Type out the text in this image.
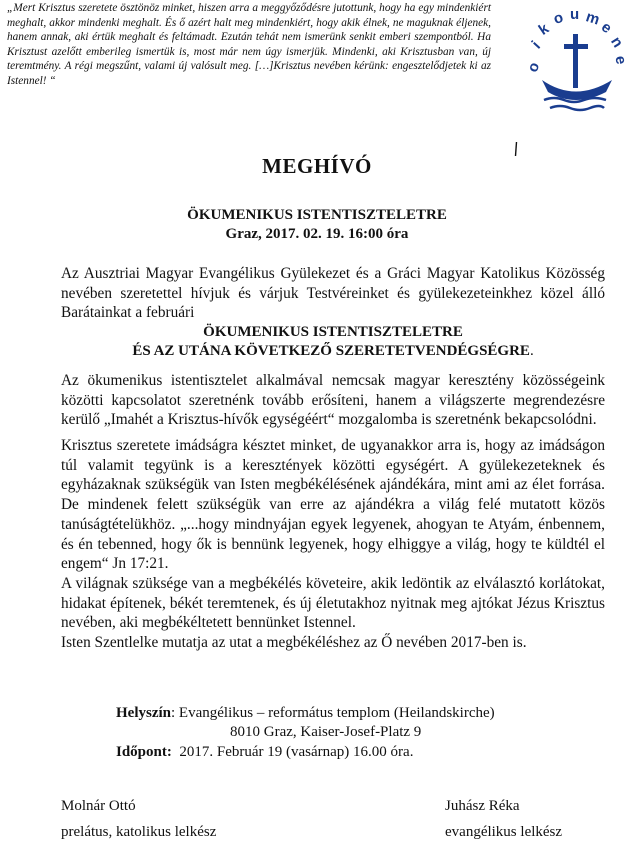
„Mert Krisztus szeretete ösztönöz minket, hiszen arra a meggyőződésre jutottunk, hogy ha egy mindenkiért meghalt, akkor mindenki meghalt. És ő azért halt meg mindenkiért, hogy akik élnek, ne maguknak éljenek, hanem annak, aki értük meghalt és feltámadt. Ezután tehát nem ismerünk senkit emberi szempontból. Ha Krisztust azelőtt emberileg ismertük is, most már nem úgy ismerjük. Mindenki, aki Krisztusban van, új teremtmény. A régi megszűnt, valami új valósult meg. […]Krisztus nevében kérünk: engesztelődjetek ki az Istennel! “
o
i
k
o u m
e
n
e
MEGHÍVÓ
ÖKUMENIKUS ISTENTISZTELETRE
Graz, 2017. 02. 19. 16:00 óra
Az Ausztriai Magyar Evangélikus Gyülekezet és a Gráci Magyar Katolikus Közösség nevében szeretettel hívjuk és várjuk Testvéreinket és gyülekezeteinkhez közel álló Barátainkat a februári
ÖKUMENIKUS ISTENTISZTELETRE
ÉS AZ UTÁNA KÖVETKEZŐ SZERETETVENDÉGSÉGRE.
Az ökumenikus istentisztelet alkalmával nemcsak magyar keresztény közösségeink közötti kapcsolatot szeretnénk tovább erősíteni, hanem a világszerte megrendezésre kerülő „Imahét a Krisztus-hívők egységéért“ mozgalomba is szeretnénk bekapcsolódni.
Krisztus szeretete imádságra késztet minket, de ugyanakkor arra is, hogy az imádságon túl valamit tegyünk is a keresztények közötti egységért. A gyülekezeteknek és egyházaknak szükségük van Isten megbékélésének ajándékára, mint ami az élet forrása. De mindenek felett szükségük van erre az ajándékra a világ felé mutatott közös tanúságtételükhöz. „...hogy mindnyájan egyek legyenek, ahogyan te Atyám, énbennem, és én tebenned, hogy ők is bennünk legyenek, hogy elhiggye a világ, hogy te küldtél el engem“ Jn 17:21.
A világnak szüksége van a megbékélés követeire, akik ledöntik az elválasztó korlátokat, hidakat építenek, békét teremtenek, és új életutakhoz nyitnak meg ajtókat Jézus Krisztus nevében, aki megbékéltetett bennünket Istennel.
Isten Szentlelke mutatja az utat a megbékéléshez az Ő nevében 2017-ben is.
Helyszín: Evangélikus – református templom (Heilandskirche)
8010 Graz, Kaiser-Josef-Platz 9
Időpont: 2017. Február 19 (vasárnap) 16.00 óra.
Molnár Ottó
prelátus, katolikus lelkész
Juhász Réka
evangélikus lelkész
